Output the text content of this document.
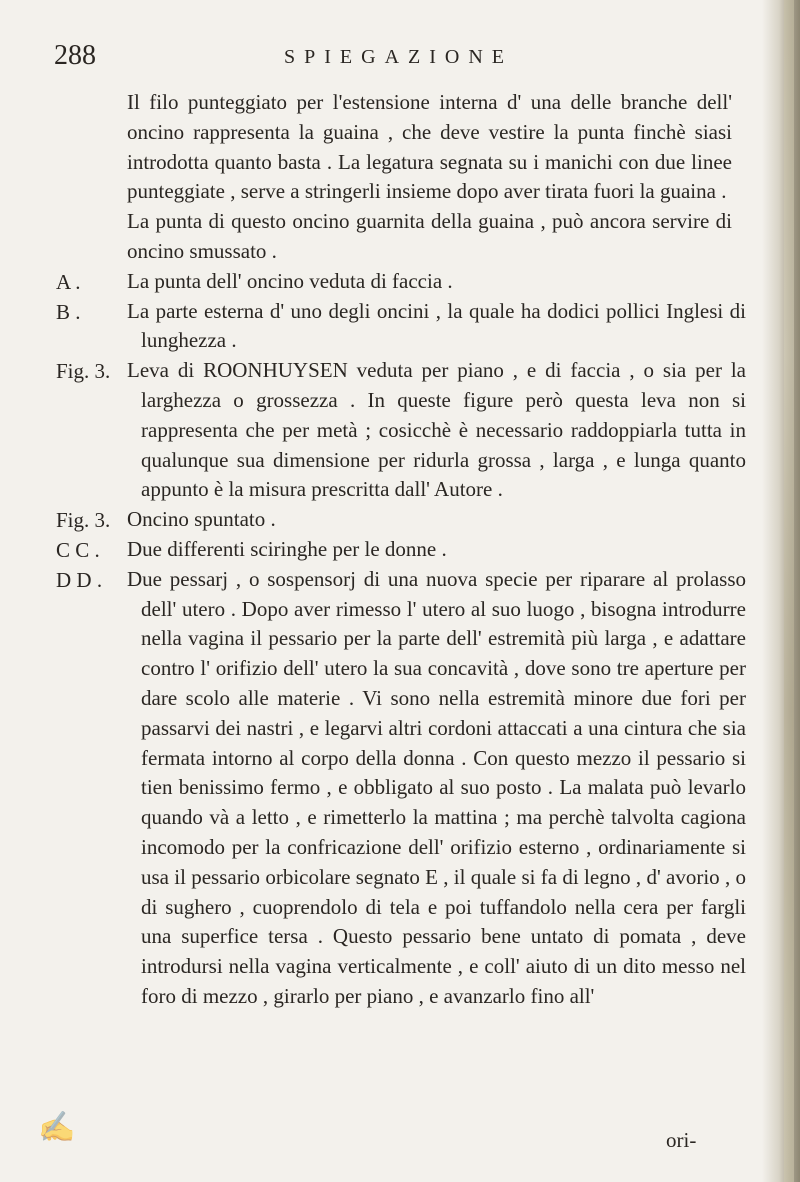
288	SPIEGAZIONE
Il filo punteggiato per l'estensione interna d' una delle branche dell' oncino rappresenta la guaina , che deve vestire la punta finchè siasi introdotta quanto basta . La legatura segnata su i manichi con due linee punteggiate , serve a stringerli insieme dopo aver tirata fuori la guaina .
La punta di questo oncino guarnita della guaina , può ancora servire di oncino smussato .
A .	La punta dell' oncino veduta di faccia .
B .	La parte esterna d' uno degli oncini , la quale ha dodici pollici Inglesi di lunghezza .
Fig. 3. Leva di ROONHUYSEN veduta per piano , e di faccia , o sia per la larghezza o grossezza . In queste figure però questa leva non si rappresenta che per metà ; cosicchè è necessario raddoppiarla tutta in qualunque sua dimensione per ridurla grossa , larga , e lunga quanto appunto è la misura prescritta dall' Autore .
Fig. 3. Oncino spuntato .
C C .	Due differenti sciringhe per le donne .
D D .	Due pessarj , o sospensorj di una nuova specie per riparare al prolasso dell' utero . Dopo aver rimesso l' utero al suo luogo , bisogna introdurre nella vagina il pessario per la parte dell' estremità più larga , e adattare contro l' orifizio dell' utero la sua concavità , dove sono tre aperture per dare scolo alle materie . Vi sono nella estremità minore due fori per passarvi dei nastri , e legarvi altri cordoni attaccati a una cintura che sia fermata intorno al corpo della donna . Con questo mezzo il pessario si tien benissimo fermo , e obbligato al suo posto . La malata può levarlo quando và a letto , e rimetterlo la mattina ; ma perchè talvolta cagiona incomodo per la confricazione dell' orifizio esterno , ordinariamente si usa il pessario orbicolare segnato E , il quale si fa di legno , d' avorio , o di sughero , cuoprendolo di tela e poi tuffandolo nella cera per fargli una superfice tersa . Questo pessario bene untato di pomata , deve introdursi nella vagina verticalmente , e coll' aiuto di un dito messo nel foro di mezzo , girarlo per piano , e avanzarlo fino all'
ori-
✍
